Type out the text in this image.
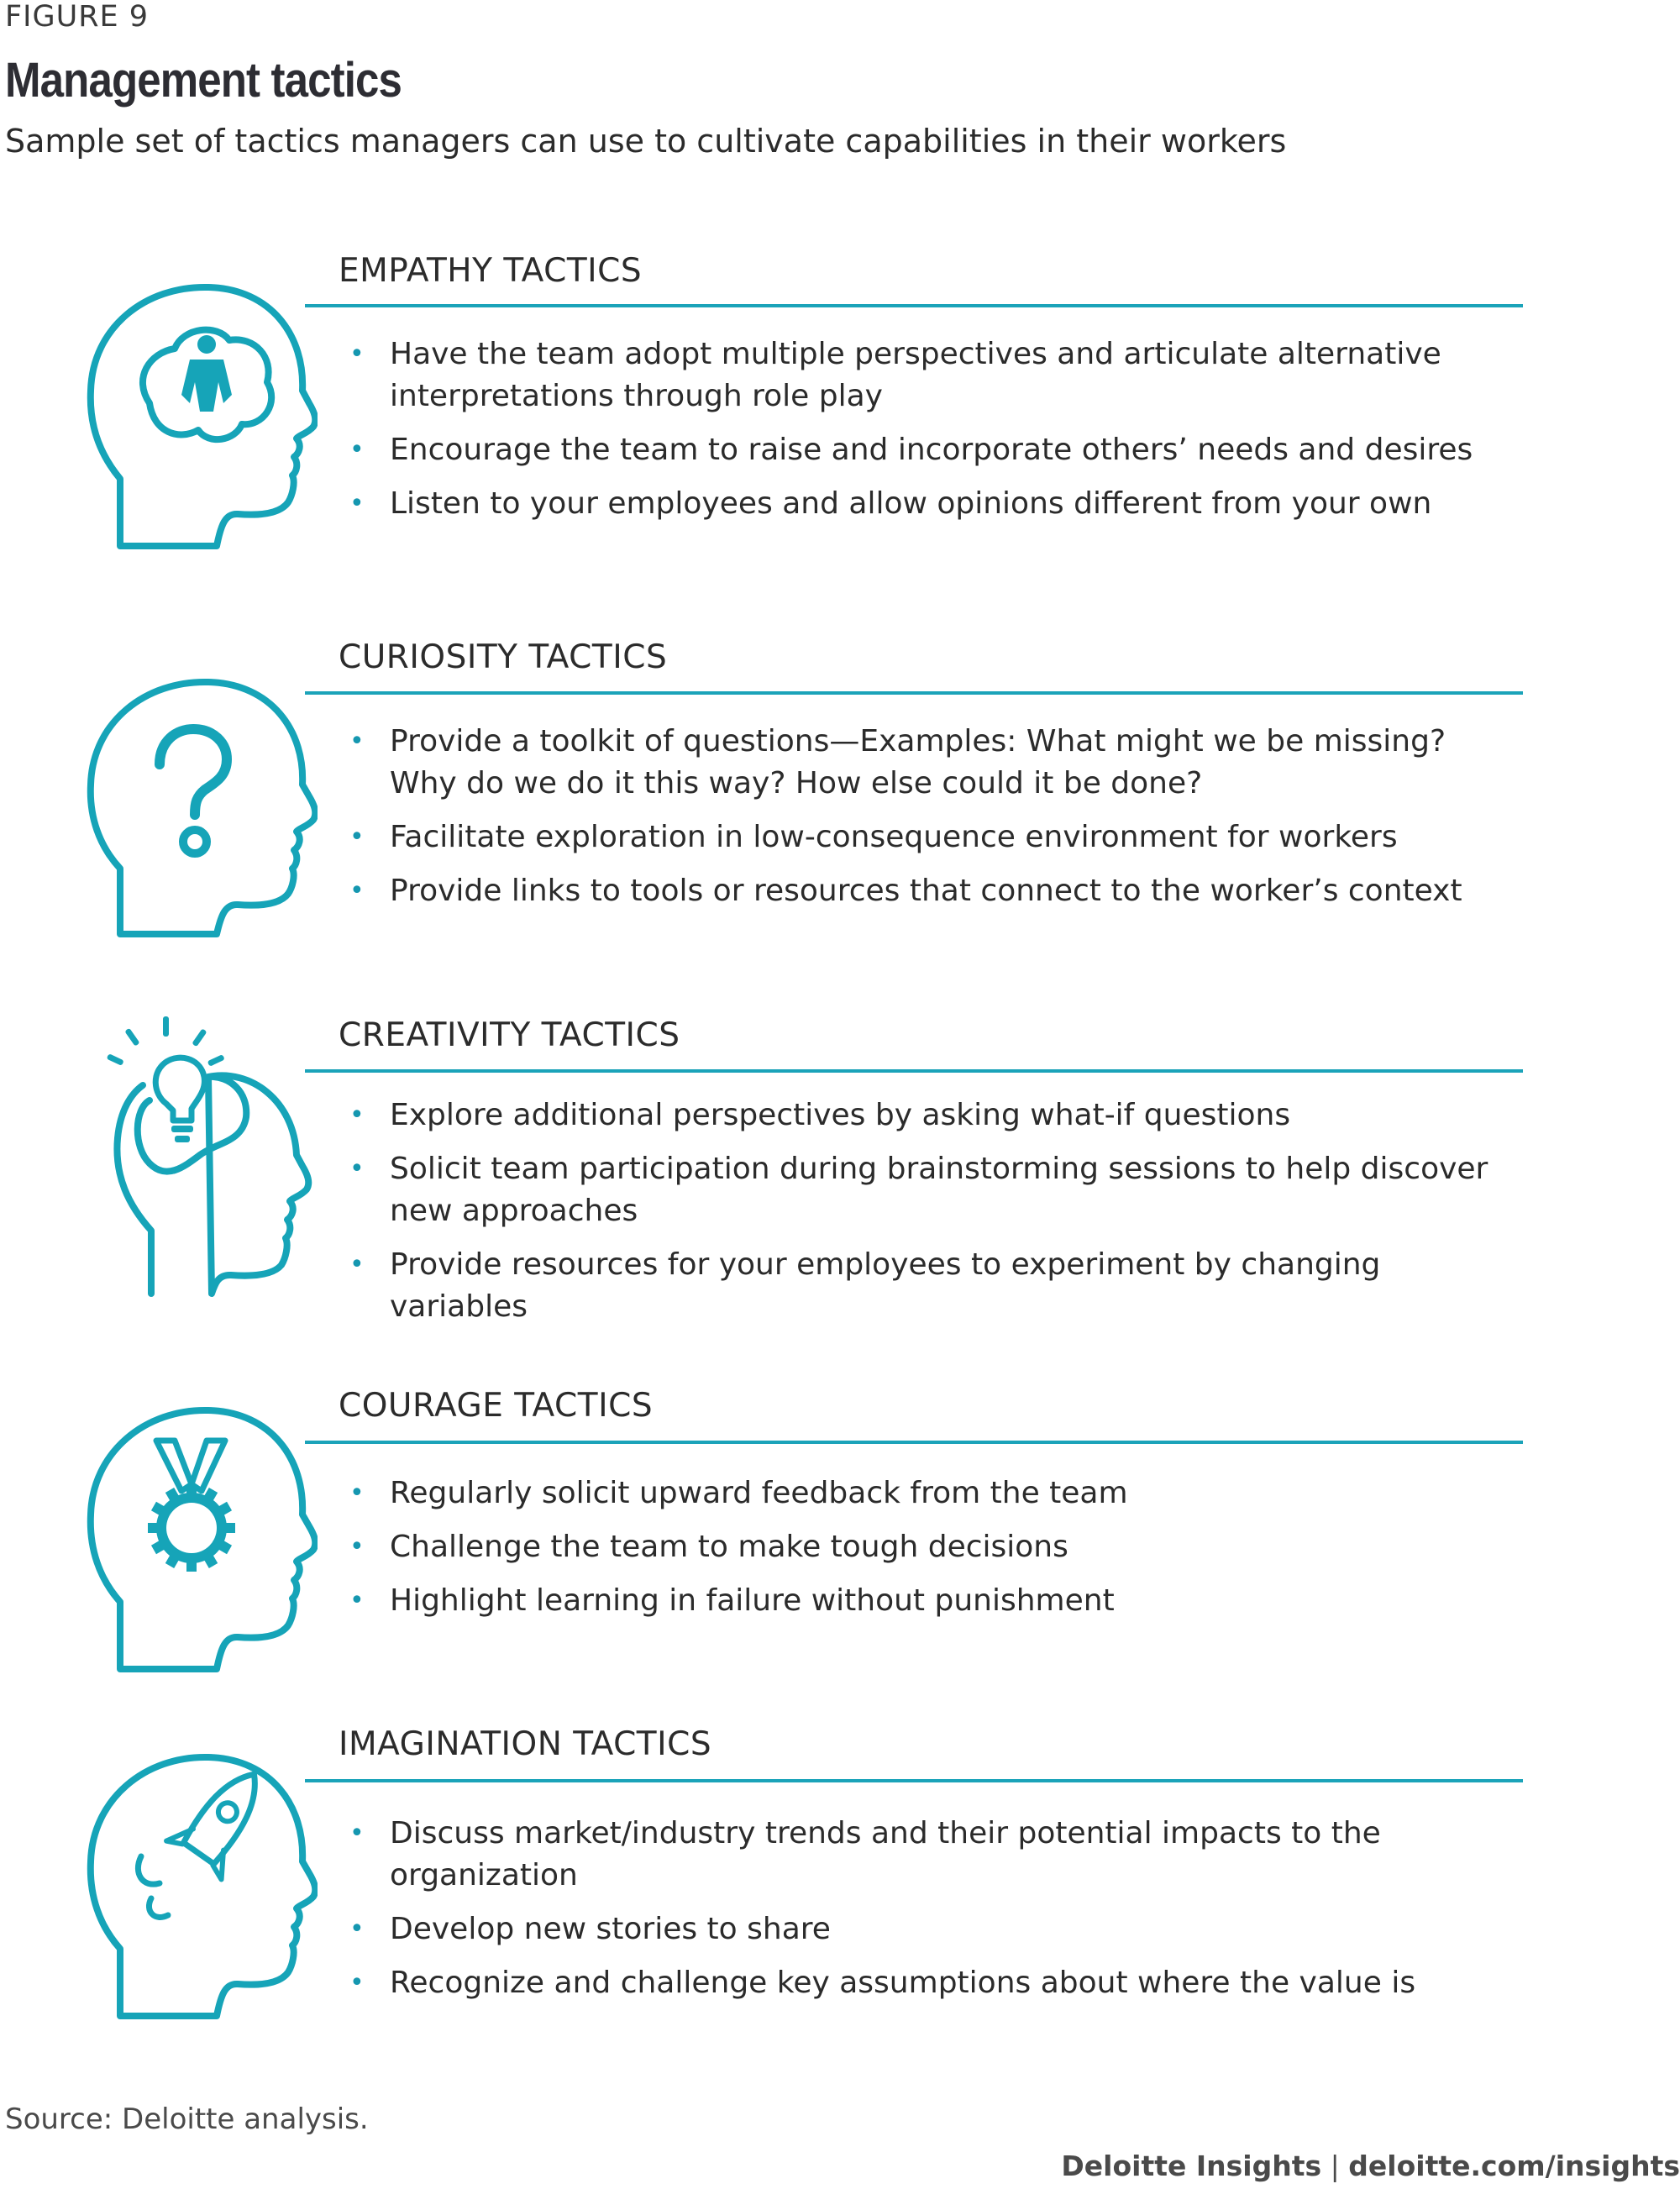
FIGURE 9
Management tactics
Sample set of tactics managers can use to cultivate capabilities in their workers
EMPATHY TACTICS
• Have the team adopt multiple perspectives and articulate alternative interpretations through role play
• Encourage the team to raise and incorporate others’ needs and desires
• Listen to your employees and allow opinions different from your own
CURIOSITY TACTICS
• Provide a toolkit of questions—Examples: What might we be missing? Why do we do it this way? How else could it be done?
• Facilitate exploration in low-consequence environment for workers
• Provide links to tools or resources that connect to the worker’s context
CREATIVITY TACTICS
• Explore additional perspectives by asking what-if questions
• Solicit team participation during brainstorming sessions to help discover new approaches
• Provide resources for your employees to experiment by changing variables
COURAGE TACTICS
• Regularly solicit upward feedback from the team
• Challenge the team to make tough decisions
• Highlight learning in failure without punishment
IMAGINATION TACTICS
• Discuss market/industry trends and their potential impacts to the organization
• Develop new stories to share
• Recognize and challenge key assumptions about where the value is
Source: Deloitte analysis.
Deloitte Insights | deloitte.com/insights
